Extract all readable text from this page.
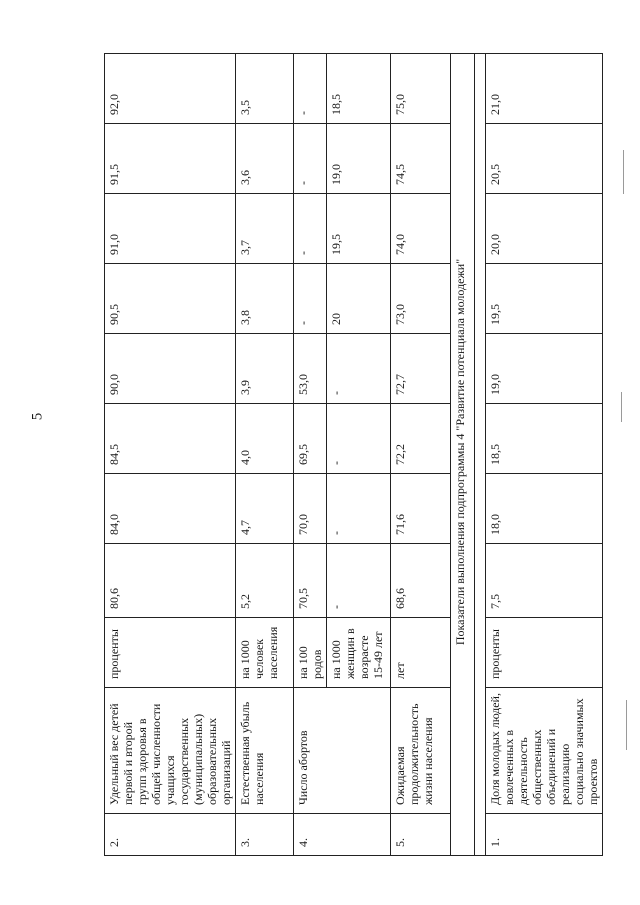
5
2.	Удельный вес детей первой и второй групп здоровья в общей численности учащихся государственных (муниципальных) образовательных организаций	проценты	80,6	84,0	84,5	90,0	90,5	91,0	91,5	92,0
3.	Естественная убыль населения	на 1000 человек населения	5,2	4,7	4,0	3,9	3,8	3,7	3,6	3,5
4.	Число абортов	на 100 родов	70,5	70,0	69,5	53,0	-	-	-	-
		на 1000 женщин в возрасте 15-49 лет	-	-	-	-	20	19,5	19,0	18,5
5.	Ожидаемая продолжительность жизни населения	лет	68,6	71,6	72,2	72,7	73,0	74,0	74,5	75,0
Показатели выполнения подпрограммы 4 "Развитие потенциала молодежи"										

1.	Доля молодых людей, вовлеченных в деятельность общественных объединений и реализацию социально значимых проектов	проценты	7,5	18,0	18,5	19,0	19,5	20,0	20,5	21,0
